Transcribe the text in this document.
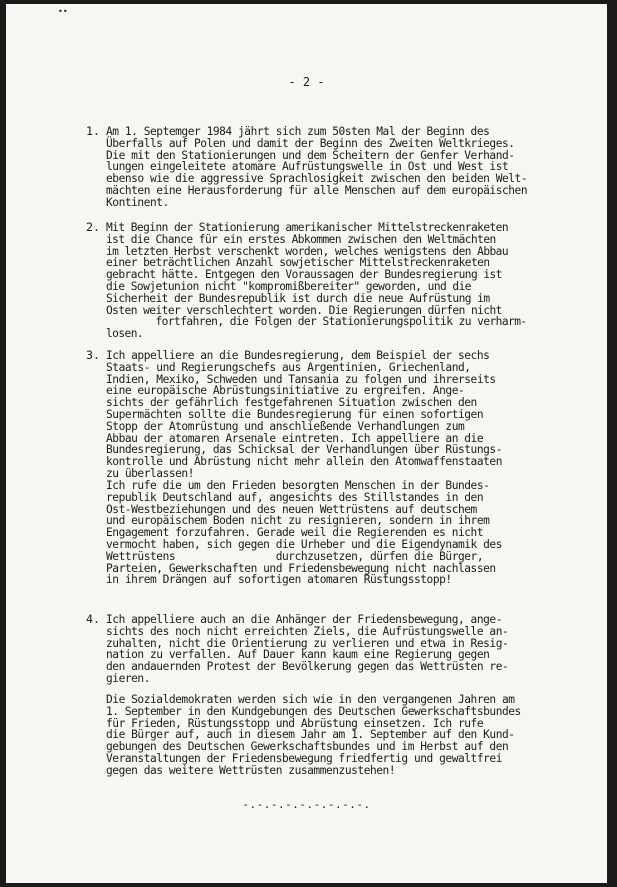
••
- 2 -
1. Am 1. Septemger 1984 jährt sich zum 50sten Mal der Beginn des
Überfalls auf Polen und damit der Beginn des Zweiten Weltkrieges.
Die mit den Stationierungen und dem Scheitern der Genfer Verhand-
lungen eingeleitete atomare Aufrüstungswelle in Ost und West ist
ebenso wie die aggressive Sprachlosigkeit zwischen den beiden Welt-
mächten eine Herausforderung für alle Menschen auf dem europäischen
Kontinent.
2. Mit Beginn der Stationierung amerikanischer Mittelstreckenraketen
ist die Chance für ein erstes Abkommen zwischen den Weltmächten
im letzten Herbst verschenkt worden, welches wenigstens den Abbau
einer beträchtlichen Anzahl sowjetischer Mittelstreckenraketen
gebracht hätte. Entgegen den Voraussagen der Bundesregierung ist
die Sowjetunion nicht "kompromißbereiter" geworden, und die
Sicherheit der Bundesrepublik ist durch die neue Aufrüstung im
Osten weiter verschlechtert worden. Die Regierungen dürfen nicht
fortfahren, die Folgen der Stationierungspolitik zu verharm-
losen.
3. Ich appelliere an die Bundesregierung, dem Beispiel der sechs
Staats- und Regierungschefs aus Argentinien, Griechenland,
Indien, Mexiko, Schweden und Tansania zu folgen und ihrerseits
eine europäische Abrüstungsinitiative zu ergreifen. Ange-
sichts der gefährlich festgefahrenen Situation zwischen den
Supermächten sollte die Bundesregierung für einen sofortigen
Stopp der Atomrüstung und anschließende Verhandlungen zum
Abbau der atomaren Arsenale eintreten. Ich appelliere an die
Bundesregierung, das Schicksal der Verhandlungen über Rüstungs-
kontrolle und Abrüstung nicht mehr allein den Atomwaffenstaaten
zu überlassen!
Ich rufe die um den Frieden besorgten Menschen in der Bundes-
republik Deutschland auf, angesichts des Stillstandes in den
Ost-Westbeziehungen und des neuen Wettrüstens auf deutschem
und europäischem Boden nicht zu resignieren, sondern in ihrem
Engagement forzufahren. Gerade weil die Regierenden es nicht
vermocht haben, sich gegen die Urheber und die Eigendynamik des
Wettrüstens                durchzusetzen, dürfen die Bürger,
Parteien, Gewerkschaften und Friedensbewegung nicht nachlassen
in ihrem Drängen auf sofortigen atomaren Rüstungsstopp!
4. Ich appelliere auch an die Anhänger der Friedensbewegung, ange-
sichts des noch nicht erreichten Ziels, die Aufrüstungswelle an-
zuhalten, nicht die Orientierung zu verlieren und etwa in Resig-
nation zu verfallen. Auf Dauer kann kaum eine Regierung gegen
den andauernden Protest der Bevölkerung gegen das Wettrüsten re-
gieren.
Die Sozialdemokraten werden sich wie in den vergangenen Jahren am
1. September in den Kundgebungen des Deutschen Gewerkschaftsbundes
für Frieden, Rüstungsstopp und Abrüstung einsetzen. Ich rufe
die Bürger auf, auch in diesem Jahr am 1. September auf den Kund-
gebungen des Deutschen Gewerkschaftsbundes und im Herbst auf den
Veranstaltungen der Friedensbewegung friedfertig und gewaltfrei
gegen das weitere Wettrüsten zusammenzustehen!
-.-.-.-.-.-.-.-.-.
